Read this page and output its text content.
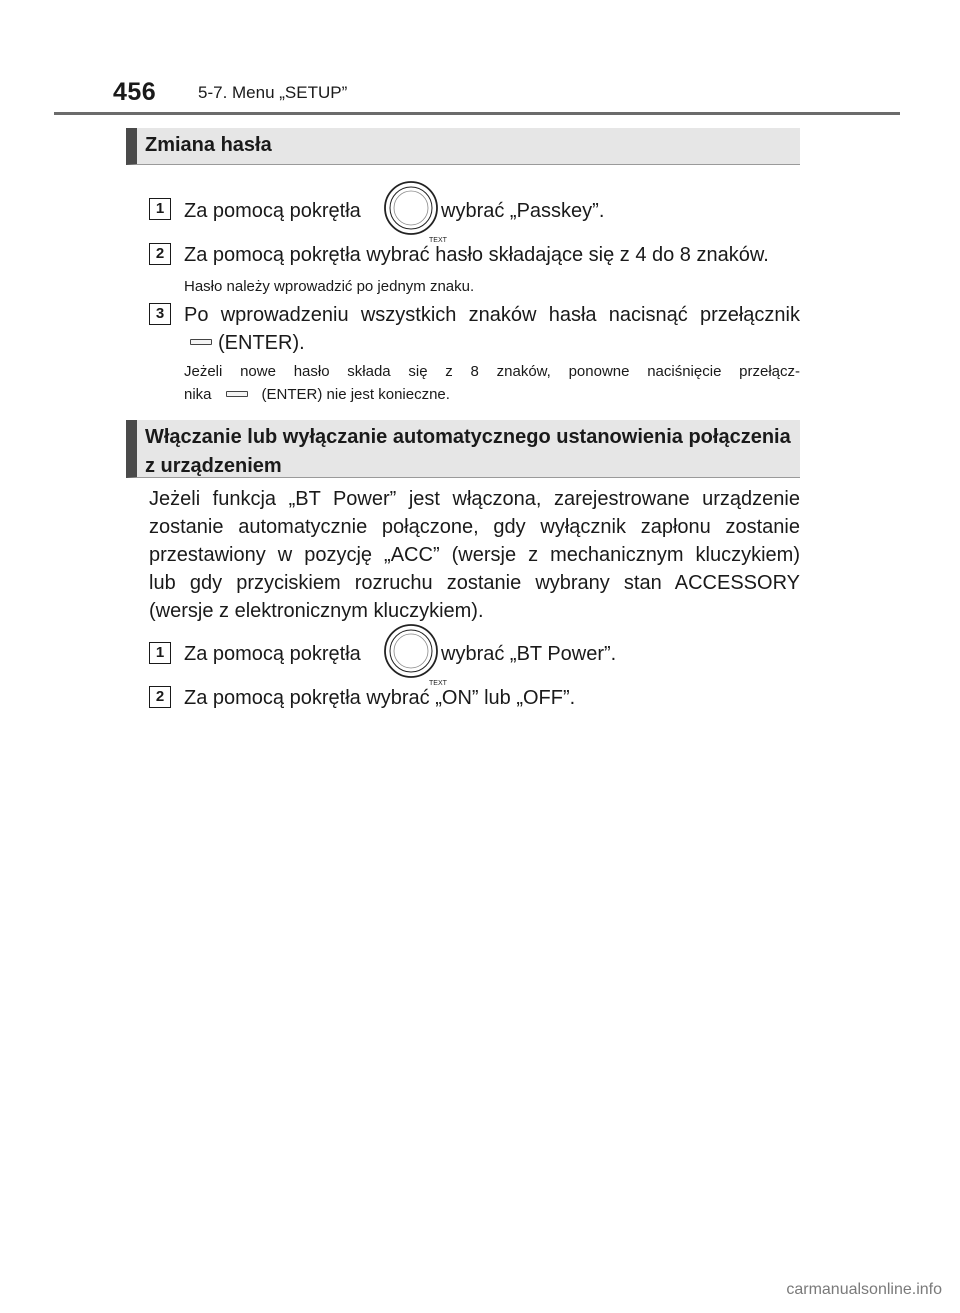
456 5-7. Menu „SETUP”
Zmiana hasła
1 Za pomocą pokrętła
TEXT
wybrać „Passkey”.
2 Za pomocą pokrętła wybrać hasło składające się z 4 do 8 znaków.
Hasło należy wprowadzić po jednym znaku.
3 Po wprowadzeniu wszystkich znaków hasła nacisnąć przełącznik
(ENTER).
Jeżeli nowe hasło składa się z 8 znaków, ponowne naciśnięcie przełącz-
nika	(ENTER) nie jest konieczne.
Włączanie lub wyłączanie automatycznego ustanowienia połączenia
z urządzeniem
Jeżeli funkcja „BT Power” jest włączona, zarejestrowane urządzenie
zostanie automatycznie połączone, gdy wyłącznik zapłonu zostanie
przestawiony w pozycję „ACC” (wersje z mechanicznym kluczykiem)
lub gdy przyciskiem rozruchu zostanie wybrany stan ACCESSORY
(wersje z elektronicznym kluczykiem).
1 Za pomocą pokrętła
TEXT
wybrać „BT Power”.
2 Za pomocą pokrętła wybrać „ON” lub „OFF”.
carmanualsonline.info
